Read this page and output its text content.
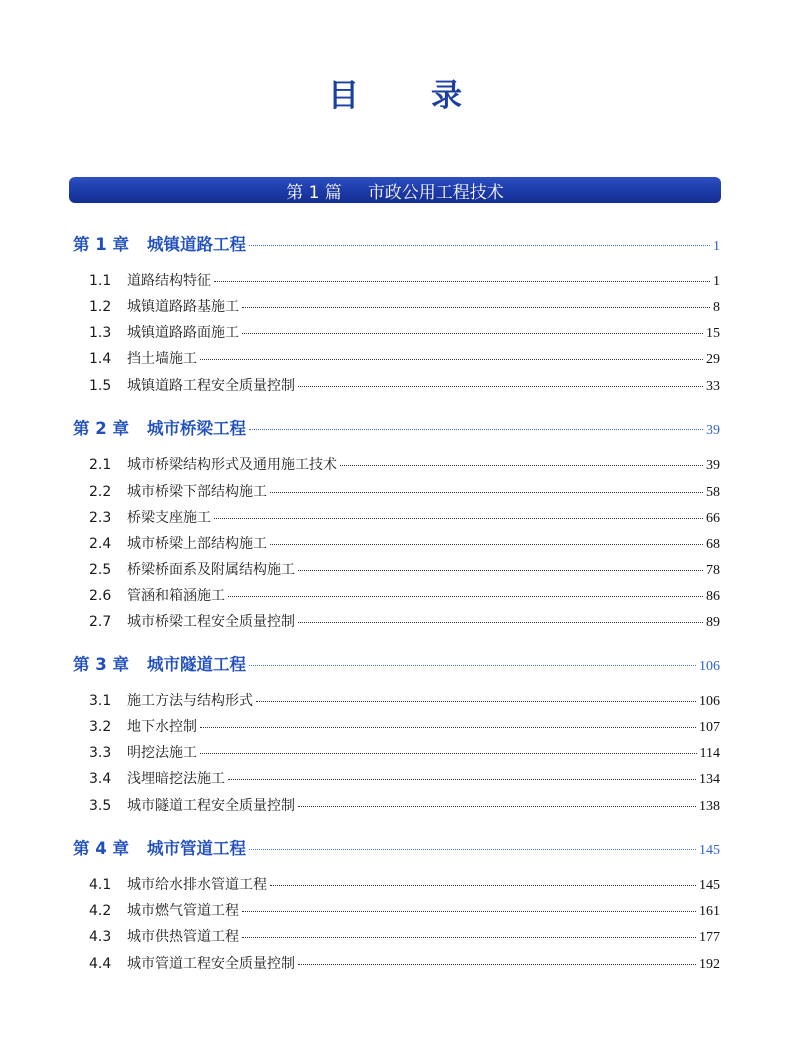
目 录
第 1 篇 市政公用工程技术
第 1 章 城镇道路工程	1
1.1	道路结构特征	1
1.2	城镇道路路基施工	8
1.3	城镇道路路面施工	15
1.4	挡土墙施工	29
1.5	城镇道路工程安全质量控制	33
第 2 章 城市桥梁工程	39
2.1	城市桥梁结构形式及通用施工技术	39
2.2	城市桥梁下部结构施工	58
2.3	桥梁支座施工	66
2.4	城市桥梁上部结构施工	68
2.5	桥梁桥面系及附属结构施工	78
2.6	管涵和箱涵施工	86
2.7	城市桥梁工程安全质量控制	89
第 3 章 城市隧道工程	106
3.1	施工方法与结构形式	106
3.2	地下水控制	107
3.3	明挖法施工	114
3.4	浅埋暗挖法施工	134
3.5	城市隧道工程安全质量控制	138
第 4 章 城市管道工程	145
4.1	城市给水排水管道工程	145
4.2	城市燃气管道工程	161
4.3	城市供热管道工程	177
4.4	城市管道工程安全质量控制	192
